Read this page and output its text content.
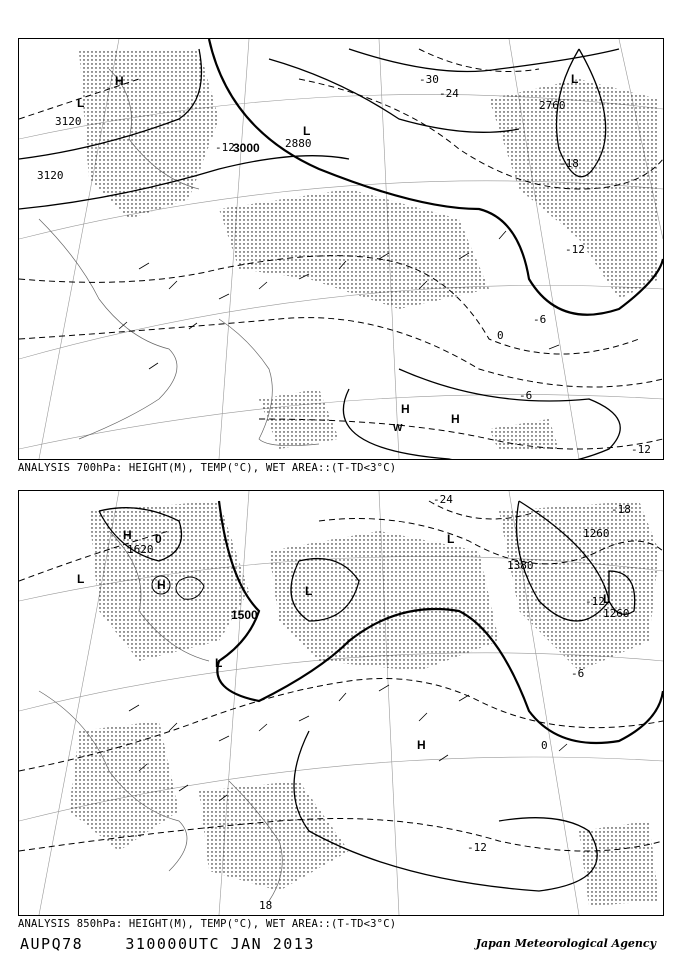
3120
3120
3000 2880
2760
-12
-24
-30
-18
-12
-6
0
-6
-12
H
L
L
L
H
H
W
ANALYSIS 700hPa: HEIGHT(M), TEMP(°C), WET AREA::(T-TD<3°C)
0
1620
1500
1380
1260
1260
-24
-18
-12
-6
0
-12
18
H
L	H	L
L
L
H
L
ANALYSIS 850hPa: HEIGHT(M), TEMP(°C), WET AREA::(T-TD<3°C)
AUPQ78	310000UTC JAN 2013	Japan Meteorological Agency
